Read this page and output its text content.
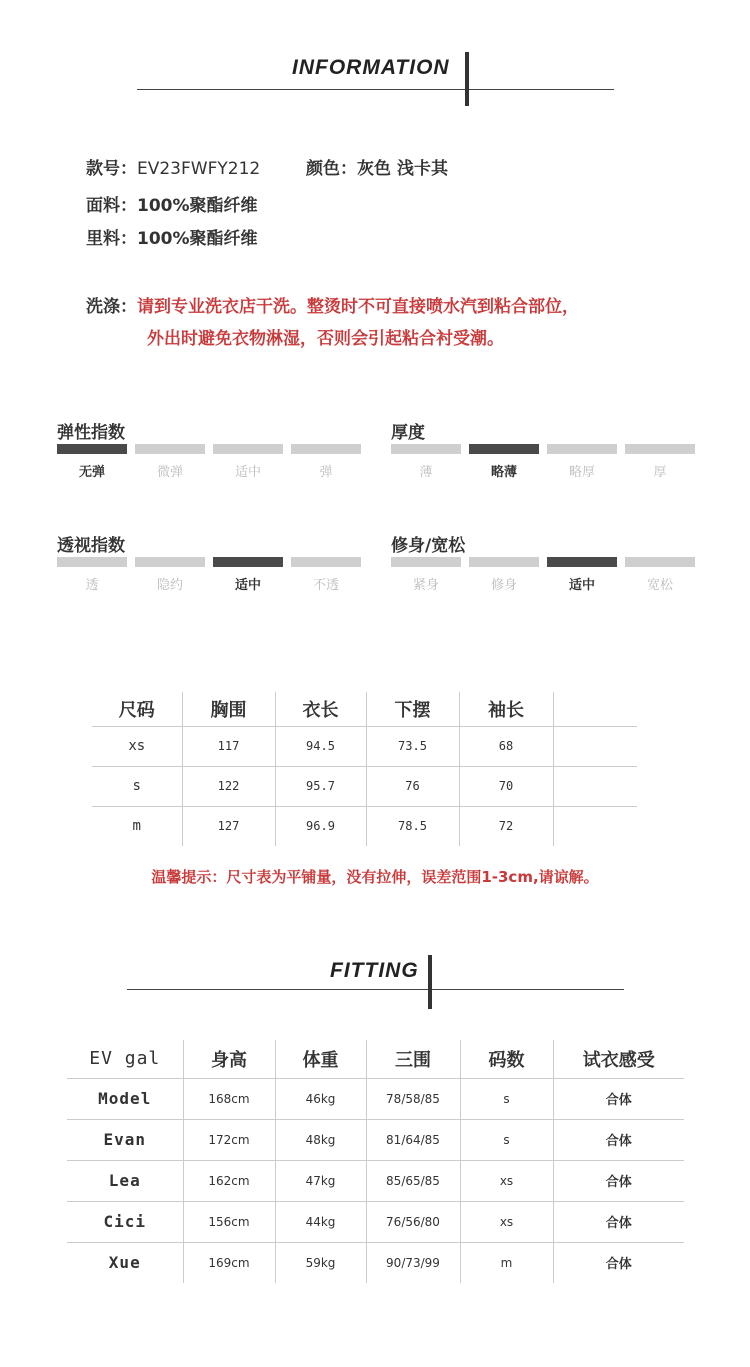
INFORMATION
款号：EV23FWFY212	颜色：灰色 浅卡其
面料：100%聚酯纤维
里料：100%聚酯纤维
洗涤：请到专业洗衣店干洗。整烫时不可直接喷水汽到粘合部位，
外出时避免衣物淋湿，否则会引起粘合衬受潮。
弹性指数
无弹	微弹	适中	弹
厚度
薄	略薄	略厚	厚
透视指数
透	隐约	适中	不透
修身/宽松
紧身	修身	适中	宽松
尺码	胸围	衣长	下摆	袖长	
xs	117	94.5	73.5	68	
s	122	95.7	76	70	
m	127	96.9	78.5	72	
温馨提示：尺寸表为平铺量，没有拉伸，误差范围1-3cm,请谅解。
FITTING
EV gal	身高	体重	三围	码数	试衣感受
Model	168cm	46kg	78/58/85	s	合体
Evan	172cm	48kg	81/64/85	s	合体
Lea	162cm	47kg	85/65/85	xs	合体
Cici	156cm	44kg	76/56/80	xs	合体
Xue	169cm	59kg	90/73/99	m	合体
